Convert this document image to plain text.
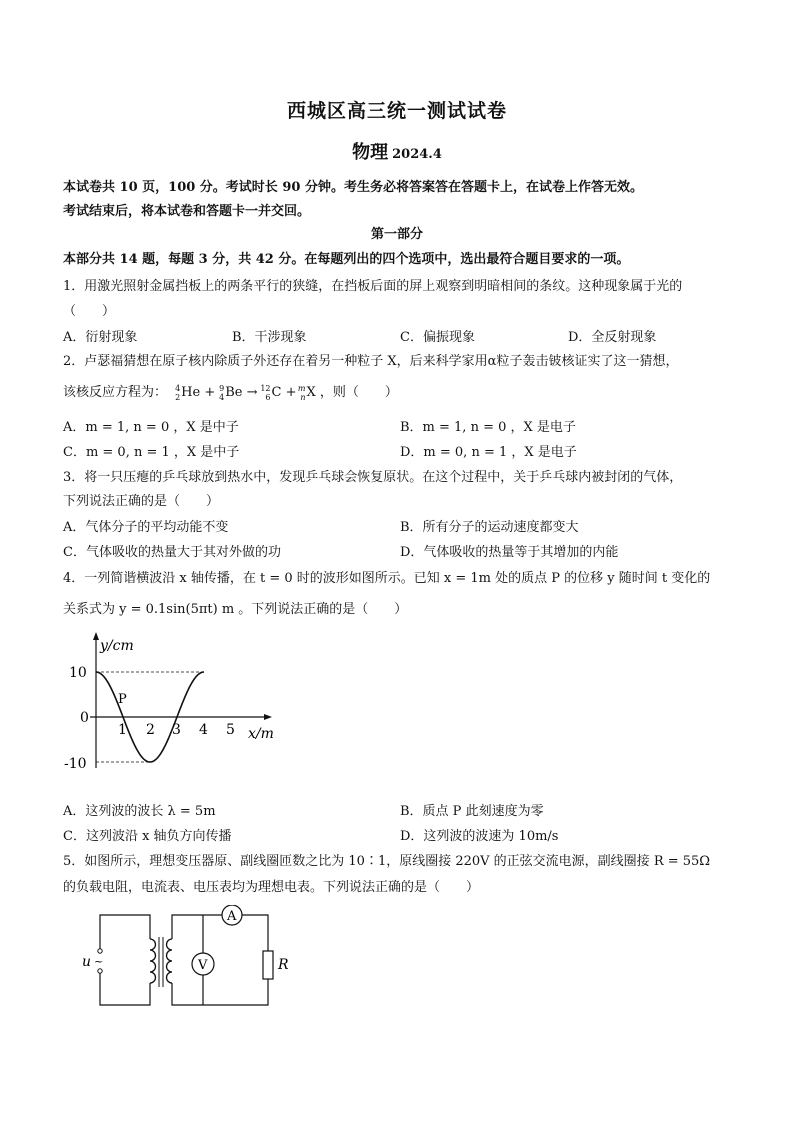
西城区高三统一测试试卷
物理 2024.4
本试卷共 10 页，100 分。考试时长 90 分钟。考生务必将答案答在答题卡上，在试卷上作答无效。
考试结束后，将本试卷和答题卡一并交回。
第一部分
本部分共 14 题，每题 3 分，共 42 分。在每题列出的四个选项中，选出最符合题目要求的一项。
1．用激光照射金属挡板上的两条平行的狭缝，在挡板后面的屏上观察到明暗相间的条纹。这种现象属于光的
（　　）
A．衍射现象	B．干涉现象	C．偏振现象	D．全反射现象
2．卢瑟福猜想在原子核内除质子外还存在着另一种粒子 X，后来科学家用α粒子轰击铍核证实了这一猜想，
该核反应方程为： 4
2 He + 9
4 Be → 12
6 C + m
n X ，则（　　）
A．m = 1, n = 0 ，X 是中子	B．m = 1, n = 0 ，X 是电子
C．m = 0, n = 1 ，X 是中子	D．m = 0, n = 1 ，X 是电子
3．将一只压瘪的乒乓球放到热水中，发现乒乓球会恢复原状。在这个过程中，关于乒乓球内被封闭的气体，
下列说法正确的是（　　）
A．气体分子的平均动能不变	B．所有分子的运动速度都变大
C．气体吸收的热量大于其对外做的功	D．气体吸收的热量等于其增加的内能
4．一列简谐横波沿 x 轴传播，在 t = 0 时的波形如图所示。已知 x = 1m 处的质点 P 的位移 y 随时间 t 变化的
关系式为 y = 0.1sin(5πt) m 。下列说法正确的是（　　）
y/cm
10
0
-10
1 2 3 4 5 x/m
P
A．这列波的波长 λ = 5m	B．质点 P 此刻速度为零
C．这列波沿 x 轴负方向传播	D．这列波的波速为 10m/s
5．如图所示，理想变压器原、副线圈匝数之比为 10∶1，原线圈接 220V 的正弦交流电源，副线圈接 R = 55Ω
的负载电阻，电流表、电压表均为理想电表。下列说法正确的是（　　）
u ~	V
A
R
